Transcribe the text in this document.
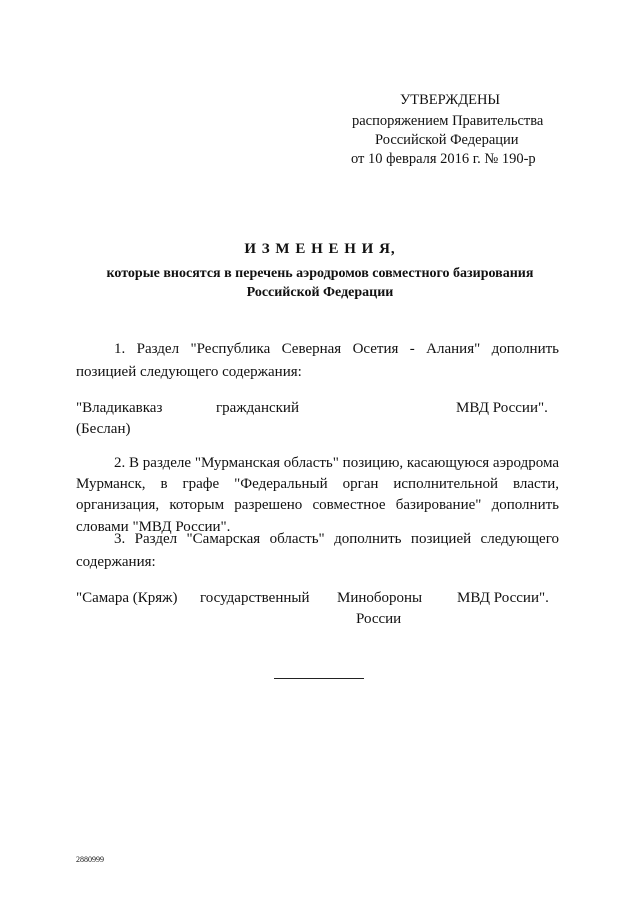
УТВЕРЖДЕНЫ
распоряжением Правительства
Российской Федерации
от 10 февраля 2016 г. № 190-р
И З М Е Н Е Н И Я,
которые вносятся в перечень аэродромов совместного базирования
Российской Федерации
1. Раздел "Республика Северная Осетия - Алания" дополнить
позицией следующего содержания:
"Владикавказ
(Беслан)
гражданский	МВД России".
2. В разделе "Мурманская область" позицию, касающуюся аэродрома
Мурманск, в графе "Федеральный орган исполнительной власти,
организация, которым разрешено совместное базирование" дополнить
словами "МВД России".
3. Раздел "Самарская область" дополнить позицией следующего
содержания:
"Самара (Кряж) государственный Минобороны
России
МВД России".
2880999
